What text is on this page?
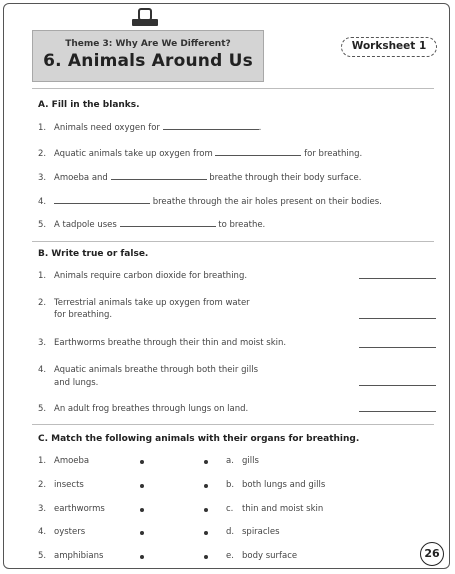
Theme 3: Why Are We Different?
6. Animals Around Us
Worksheet 1
A. Fill in the blanks.
1. Animals need oxygen for	.
2. Aquatic animals take up oxygen from	for breathing.
3. Amoeba and	breathe through their body surface.
4.	breathe through the air holes present on their bodies.
5. A tadpole uses	to breathe.
B. Write true or false.
1. Animals require carbon dioxide for breathing.
2. Terrestrial animals take up oxygen from water
for breathing.
3. Earthworms breathe through their thin and moist skin.
4. Aquatic animals breathe through both their gills
and lungs.
5. An adult frog breathes through lungs on land.
C. Match the following animals with their organs for breathing.
1. Amoeba	a. gills
2. insects	b. both lungs and gills
3. earthworms	c. thin and moist skin
4. oysters	d. spiracles
5. amphibians	e. body surface	26
